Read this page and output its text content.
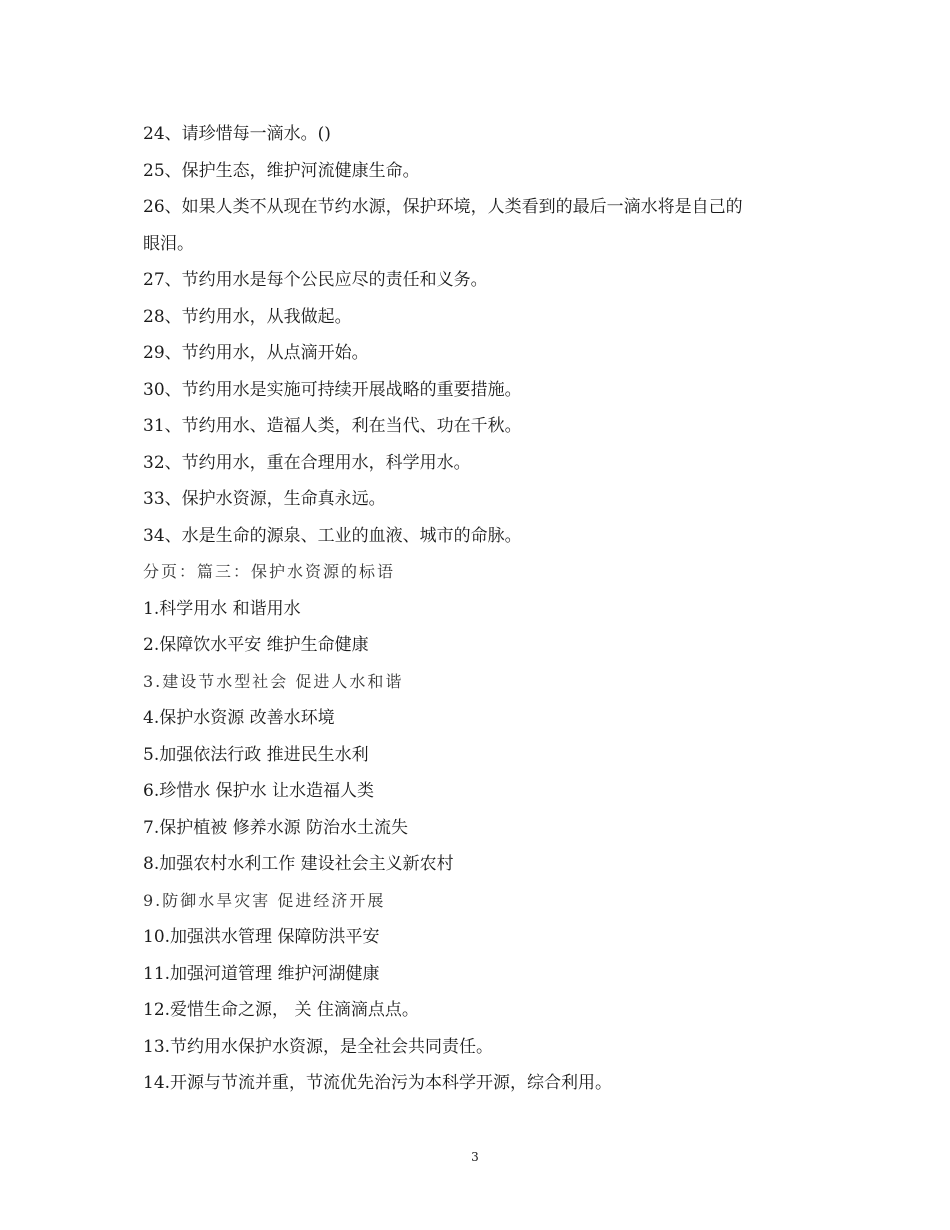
24、请珍惜每一滴水。()
25、保护生态，维护河流健康生命。
26、如果人类不从现在节约水源，保护环境，人类看到的最后一滴水将是自己的
眼泪。
27、节约用水是每个公民应尽的责任和义务。
28、节约用水，从我做起。
29、节约用水，从点滴开始。
30、节约用水是实施可持续开展战略的重要措施。
31、节约用水、造福人类，利在当代、功在千秋。
32、节约用水，重在合理用水，科学用水。
33、保护水资源，生命真永远。
34、水是生命的源泉、工业的血液、城市的命脉。
分页：篇三：保护水资源的标语
1.科学用水 和谐用水
2.保障饮水平安 维护生命健康
3.建设节水型社会 促进人水和谐
4.保护水资源 改善水环境
5.加强依法行政 推进民生水利
6.珍惜水 保护水 让水造福人类
7.保护植被 修养水源 防治水土流失
8.加强农村水利工作 建设社会主义新农村
9.防御水旱灾害 促进经济开展
10.加强洪水管理 保障防洪平安
11.加强河道管理 维护河湖健康
12.爱惜生命之源， 关 住滴滴点点。
13.节约用水保护水资源，是全社会共同责任。
14.开源与节流并重，节流优先治污为本科学开源，综合利用。
3
